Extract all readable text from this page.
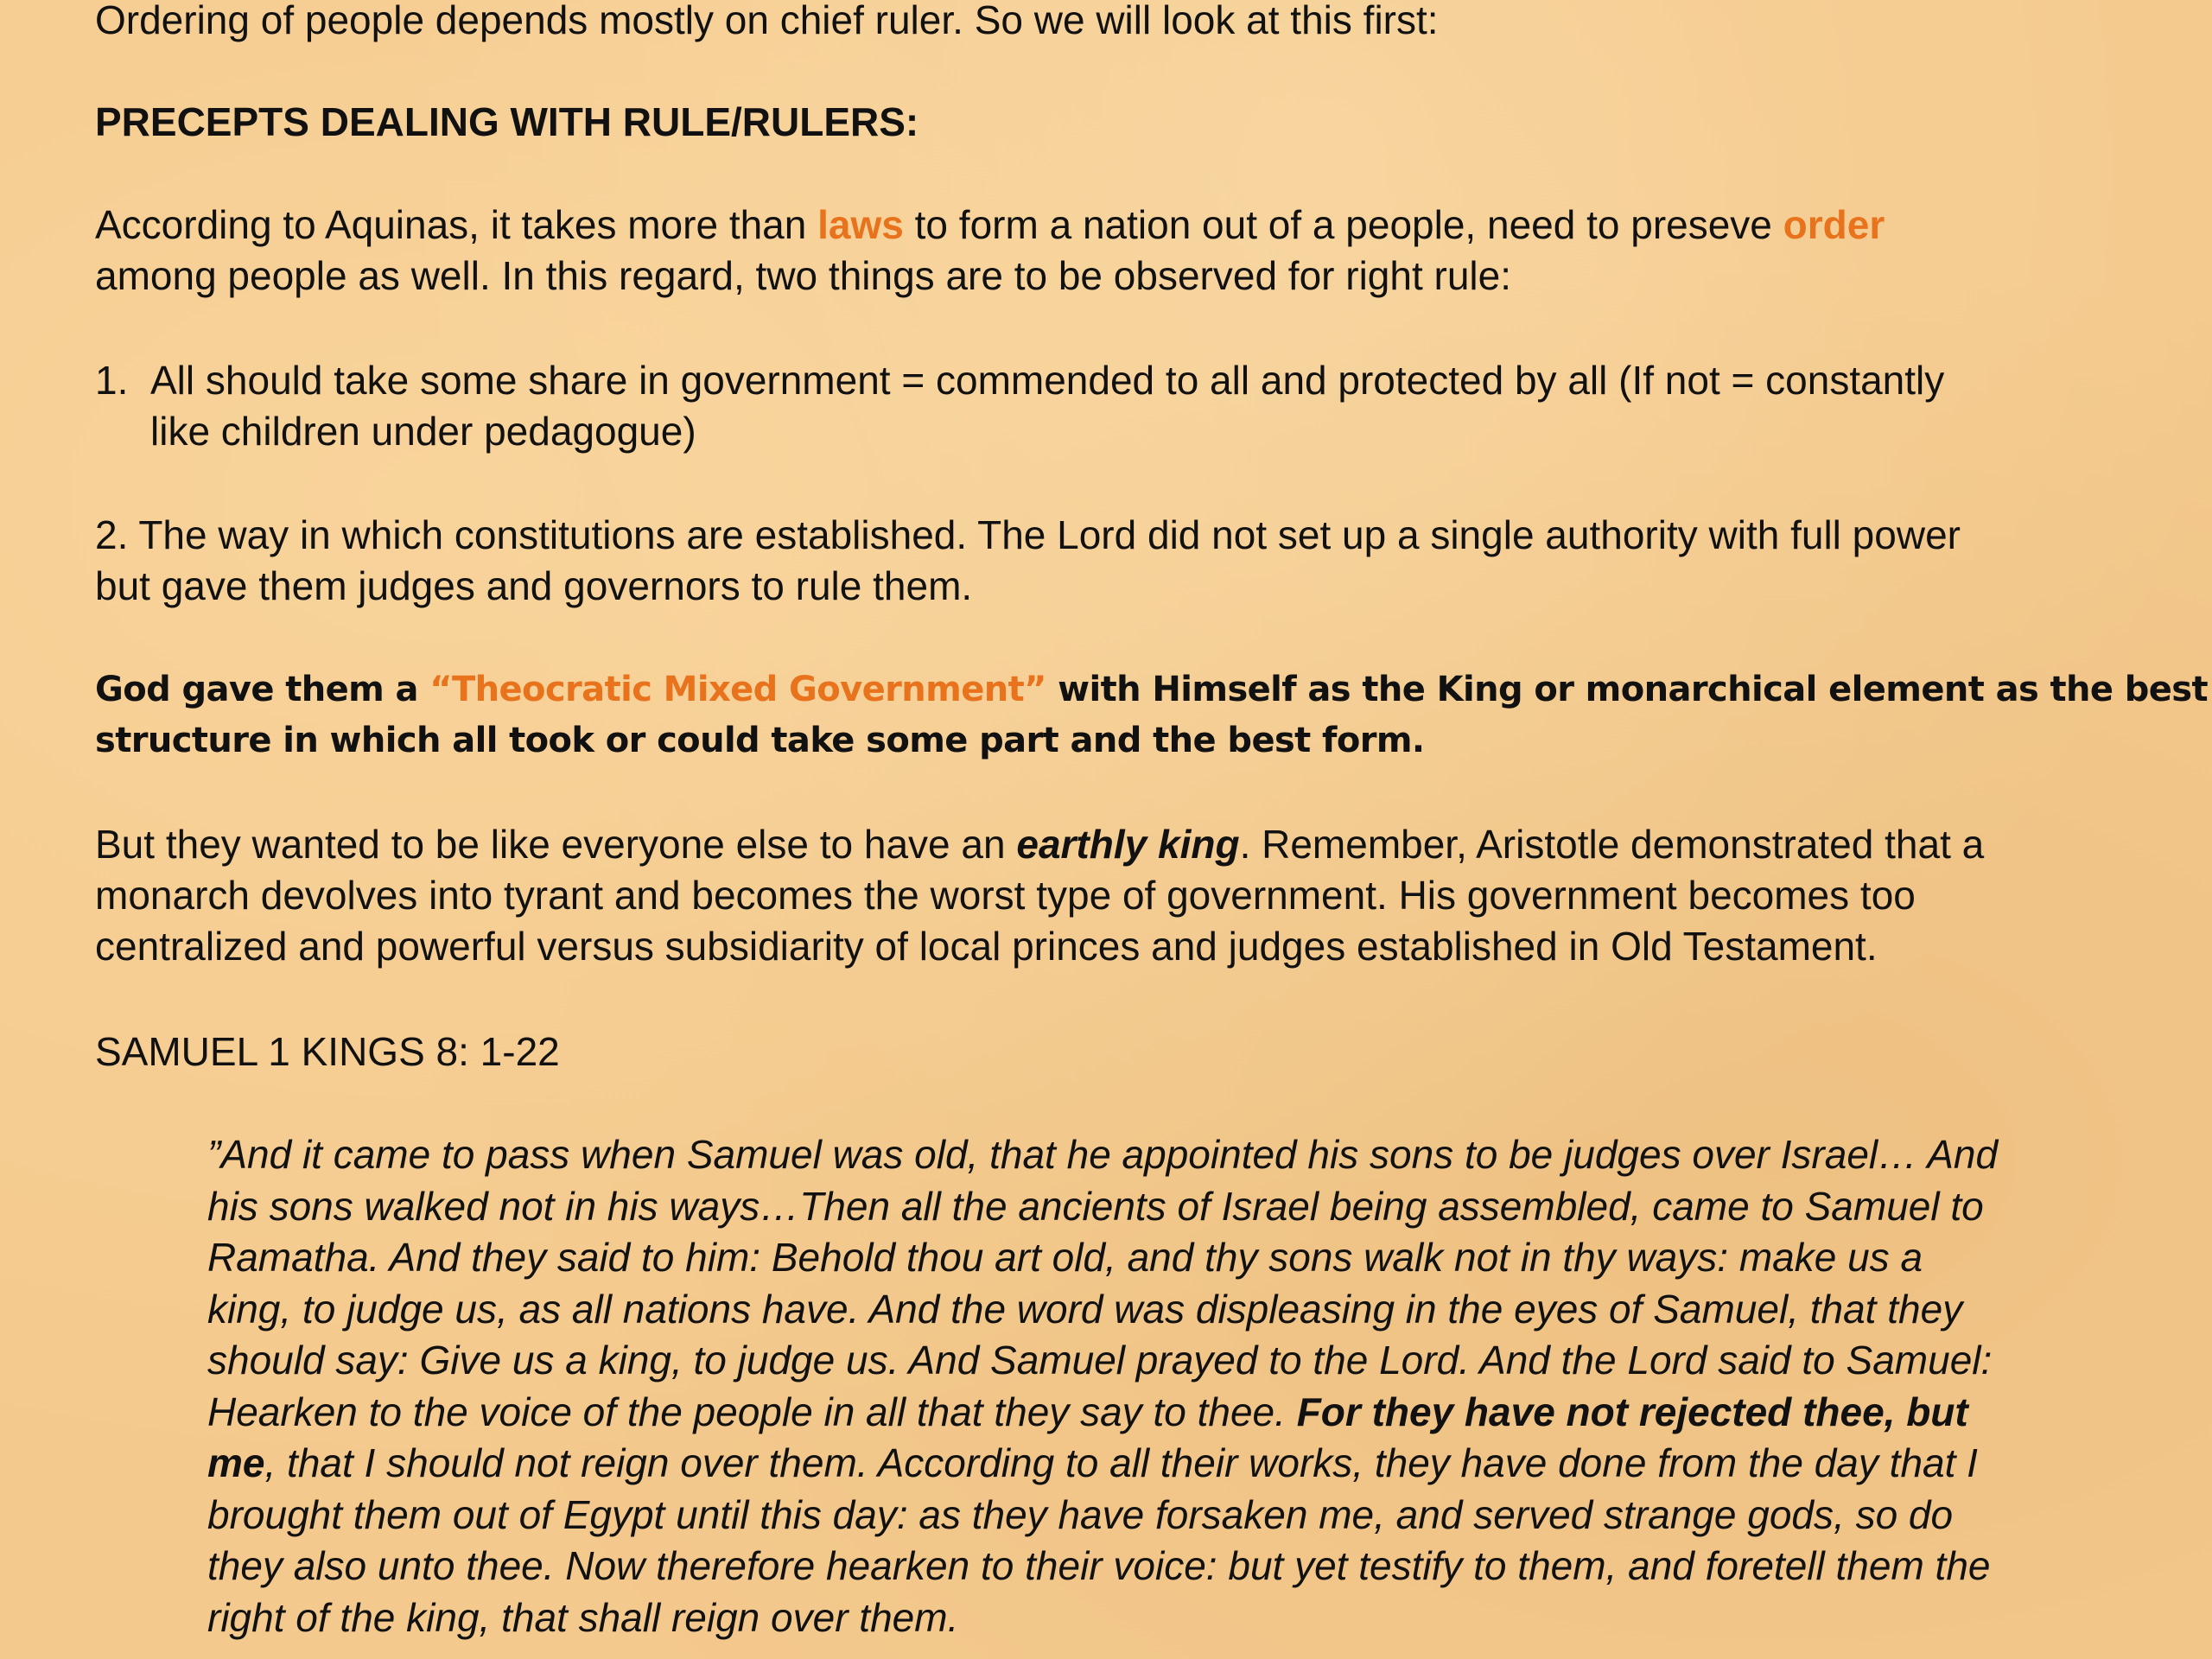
Ordering of people depends mostly on chief ruler. So we will look at this first:

PRECEPTS DEALING WITH RULE/RULERS:

According to Aquinas, it takes more than laws to form a nation out of a people, need to preseve order

among people as well. In this regard, two things are to be observed for right rule:

1. All should take some share in government = commended to all and protected by all (If not = constantly

like children under pedagogue)

2. The way in which constitutions are established. The Lord did not set up a single authority with full power

but gave them judges and governors to rule them.

God gave them a “Theocratic Mixed Government” with Himself as the King or monarchical element as the best

structure in which all took or could take some part and the best form.

But they wanted to be like everyone else to have an earthly king. Remember, Aristotle demonstrated that a

monarch devolves into tyrant and becomes the worst type of government. His government becomes too

centralized and powerful versus subsidiarity of local princes and judges established in Old Testament.

SAMUEL 1 KINGS 8: 1-22

”And it came to pass when Samuel was old, that he appointed his sons to be judges over Israel… And

his sons walked not in his ways…Then all the ancients of Israel being assembled, came to Samuel to

Ramatha. And they said to him: Behold thou art old, and thy sons walk not in thy ways: make us a

king, to judge us, as all nations have. And the word was displeasing in the eyes of Samuel, that they

should say: Give us a king, to judge us. And Samuel prayed to the Lord. And the Lord said to Samuel:

Hearken to the voice of the people in all that they say to thee. For they have not rejected thee, but

me, that I should not reign over them. According to all their works, they have done from the day that I

brought them out of Egypt until this day: as they have forsaken me, and served strange gods, so do

they also unto thee. Now therefore hearken to their voice: but yet testify to them, and foretell them the

right of the king, that shall reign over them.
